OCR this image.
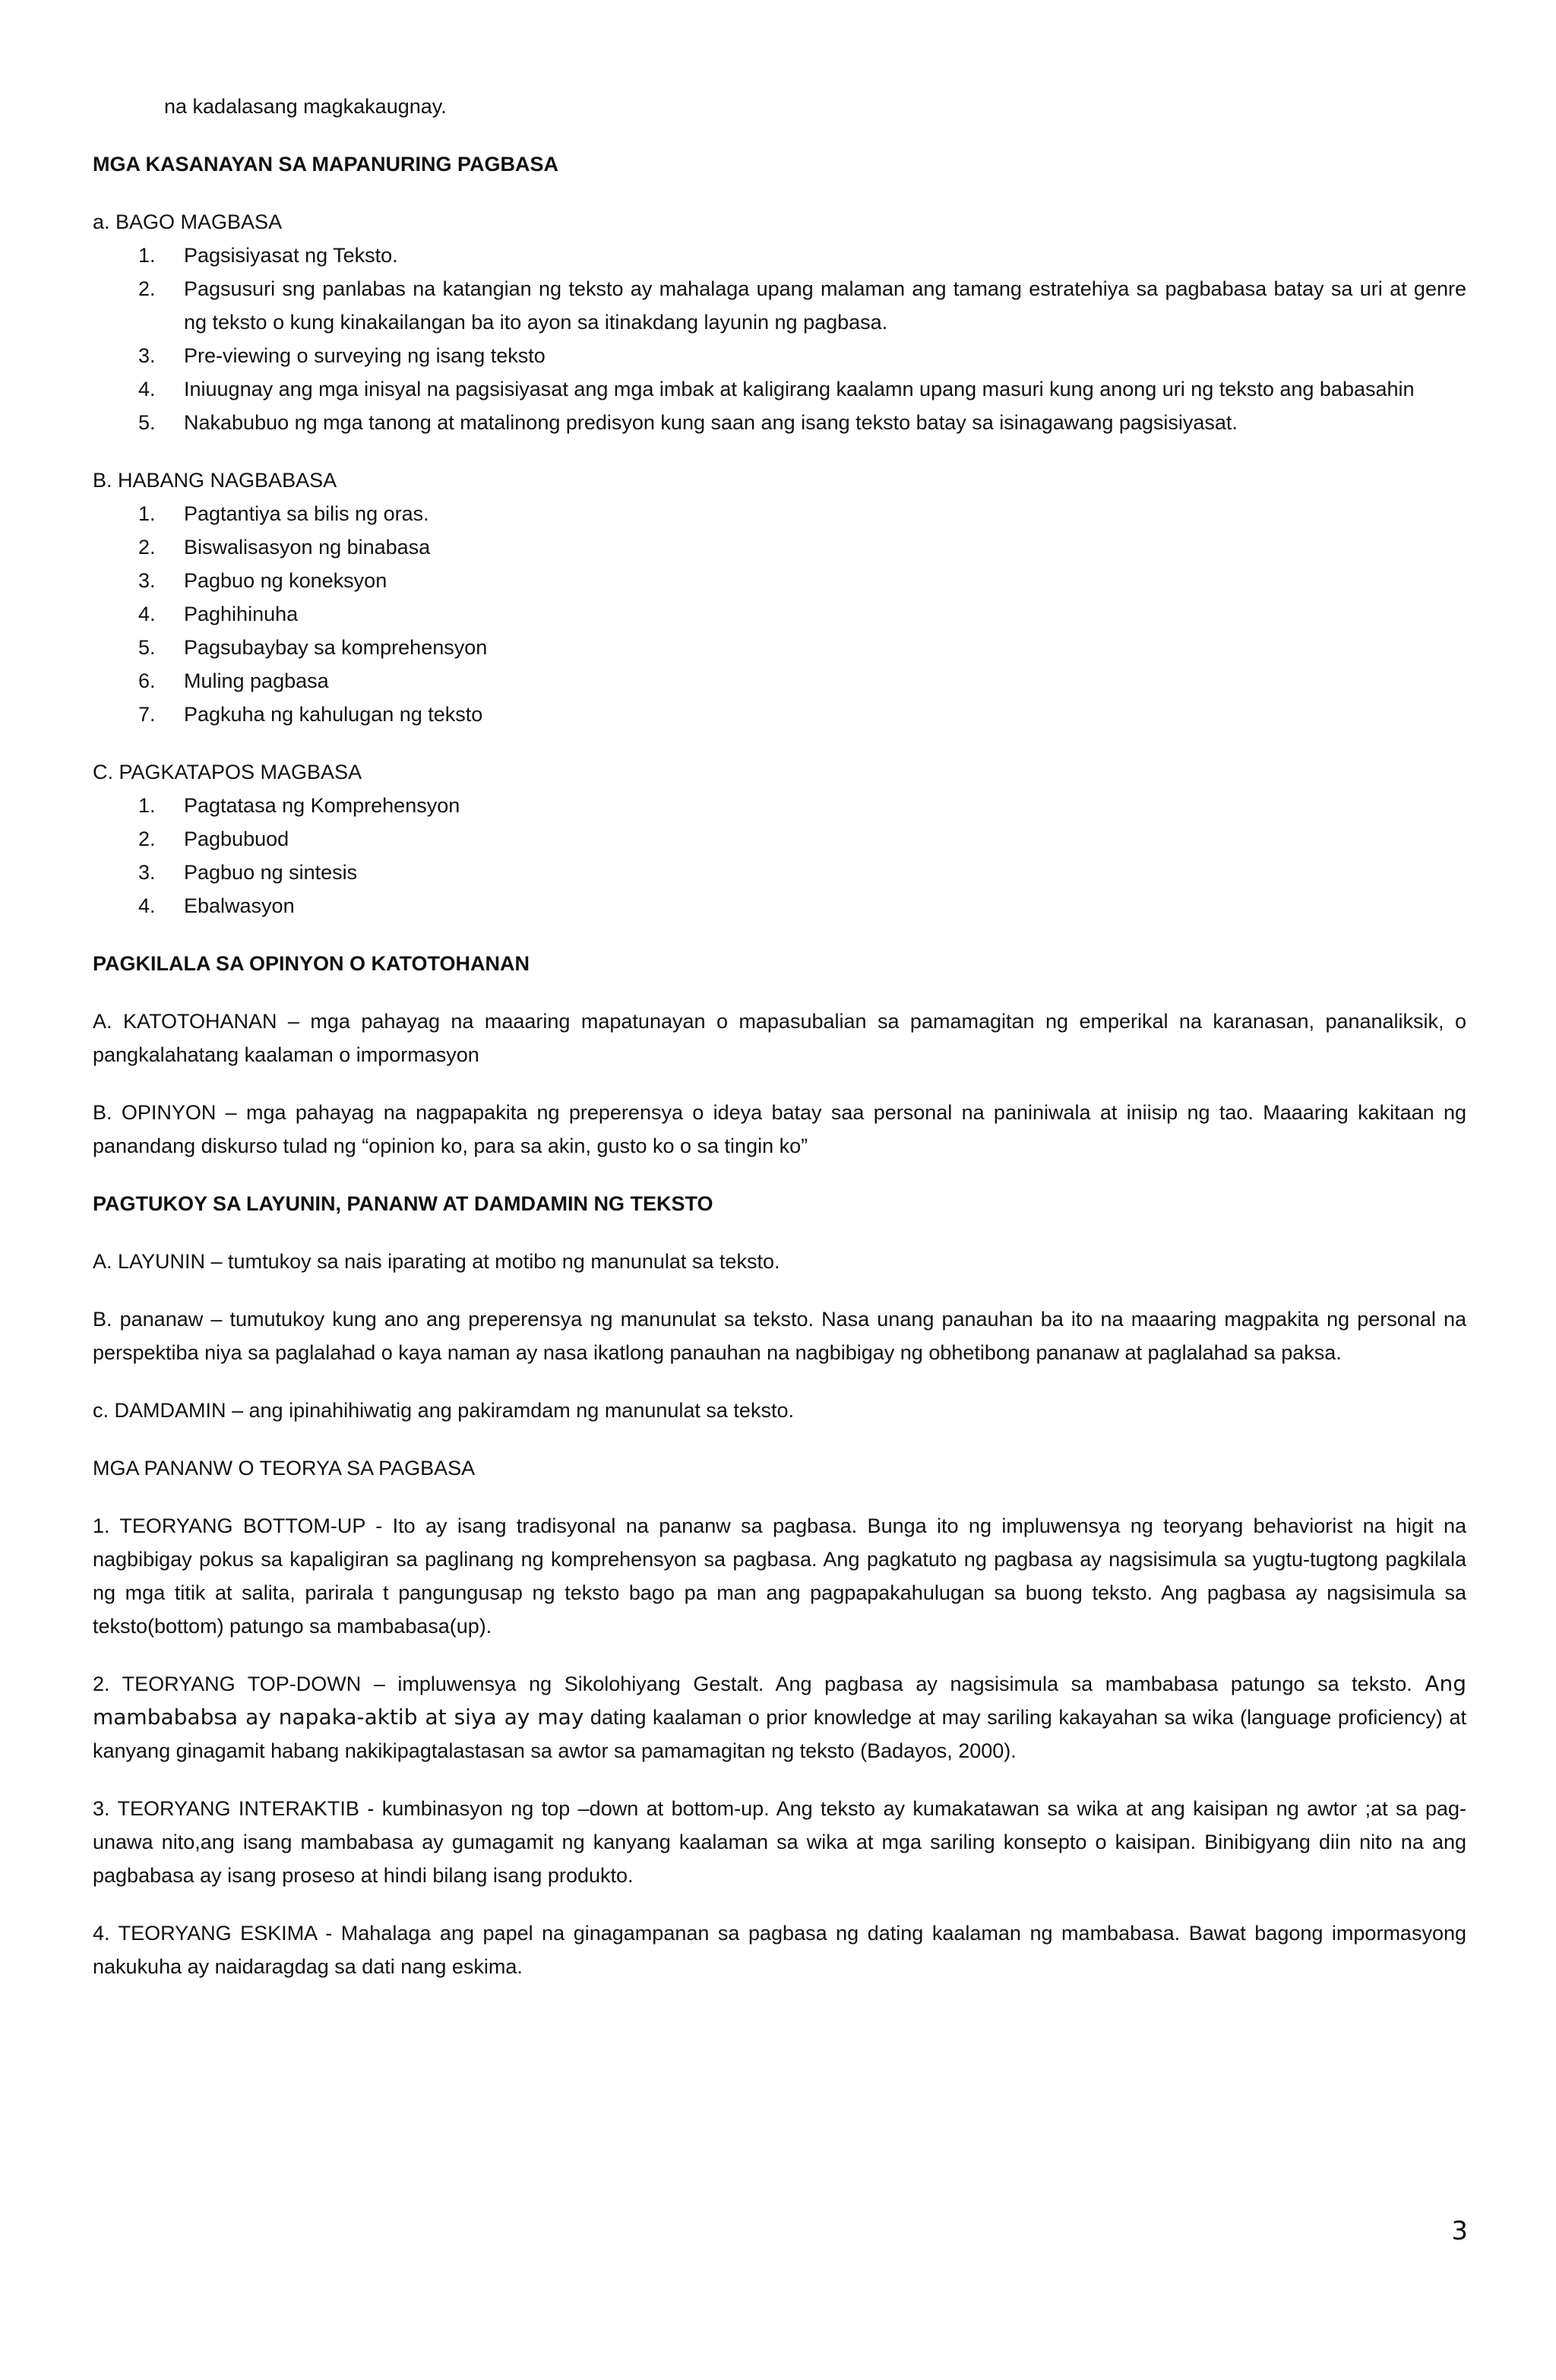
na kadalasang magkakaugnay.

MGA KASANAYAN SA MAPANURING PAGBASA

a. BAGO MAGBASA

1. Pagsisiyasat ng Teksto.
2. Pagsusuri sng panlabas na katangian ng teksto ay mahalaga upang malaman ang tamang estratehiya sa pagbabasa batay sa uri at genre ng teksto o kung kinakailangan ba ito ayon sa itinakdang layunin ng pagbasa.
3. Pre-viewing o surveying ng isang teksto
4. Iniuugnay ang mga inisyal na pagsisiyasat ang mga imbak at kaligirang kaalamn upang masuri kung anong uri ng teksto ang babasahin
5. Nakabubuo ng mga tanong at matalinong predisyon kung saan ang isang teksto batay sa isinagawang pagsisiyasat.

B. HABANG NAGBABASA

1. Pagtantiya sa bilis ng oras.
2. Biswalisasyon ng binabasa
3. Pagbuo ng koneksyon
4. Paghihinuha
5. Pagsubaybay sa komprehensyon
6. Muling pagbasa
7. Pagkuha ng kahulugan ng teksto

C. PAGKATAPOS MAGBASA

1. Pagtatasa ng Komprehensyon
2. Pagbubuod
3. Pagbuo ng sintesis
4. Ebalwasyon

PAGKILALA SA OPINYON O KATOTOHANAN

A. KATOTOHANAN – mga pahayag na maaaring mapatunayan o mapasubalian sa pamamagitan ng emperikal na karanasan, pananaliksik, o pangkalahatang kaalaman o impormasyon

B. OPINYON – mga pahayag na nagpapakita ng preperensya o ideya batay saa personal na paniniwala at iniisip ng tao. Maaaring kakitaan ng panandang diskurso tulad ng “opinion ko, para sa akin, gusto ko o sa tingin ko”

PAGTUKOY SA LAYUNIN, PANANW AT DAMDAMIN NG TEKSTO

A. LAYUNIN – tumtukoy sa nais iparating at motibo ng manunulat sa teksto.

B. pananaw – tumutukoy kung ano ang preperensya ng manunulat sa teksto. Nasa unang panauhan ba ito na maaaring magpakita ng personal na perspektiba niya sa paglalahad o kaya naman ay nasa ikatlong panauhan na nagbibigay ng obhetibong pananaw at paglalahad sa paksa.

c. DAMDAMIN – ang ipinahihiwatig ang pakiramdam ng manunulat sa teksto.

MGA PANANW O TEORYA SA PAGBASA

1. TEORYANG BOTTOM-UP - Ito ay isang tradisyonal na pananw sa pagbasa. Bunga ito ng impluwensya ng teoryang behaviorist na higit na nagbibigay pokus sa kapaligiran sa paglinang ng komprehensyon sa pagbasa. Ang pagkatuto ng pagbasa ay nagsisimula sa yugtu-tugtong pagkilala ng mga titik at salita, parirala t pangungusap ng teksto bago pa man ang pagpapakahulugan sa buong teksto. Ang pagbasa ay nagsisimula sa teksto(bottom) patungo sa mambabasa(up).

2. TEORYANG TOP-DOWN – impluwensya ng Sikolohiyang Gestalt. Ang pagbasa ay nagsisimula sa mambabasa patungo sa teksto. Ang mambababsa ay napaka-aktib at siya ay may dating kaalaman o prior knowledge at may sariling kakayahan sa wika (language proficiency) at kanyang ginagamit habang nakikipagtalastasan sa awtor sa pamamagitan ng teksto (Badayos, 2000).

3. TEORYANG INTERAKTIB - kumbinasyon ng top –down at bottom-up. Ang teksto ay kumakatawan sa wika at ang kaisipan ng awtor ;at sa pag-unawa nito,ang isang mambabasa ay gumagamit ng kanyang kaalaman sa wika at mga sariling konsepto o kaisipan. Binibigyang diin nito na ang pagbabasa ay isang proseso at hindi bilang isang produkto.

4. TEORYANG ESKIMA - Mahalaga ang papel na ginagampanan sa pagbasa ng dating kaalaman ng mambabasa. Bawat bagong impormasyong nakukuha ay naidaragdag sa dati nang eskima.

3
